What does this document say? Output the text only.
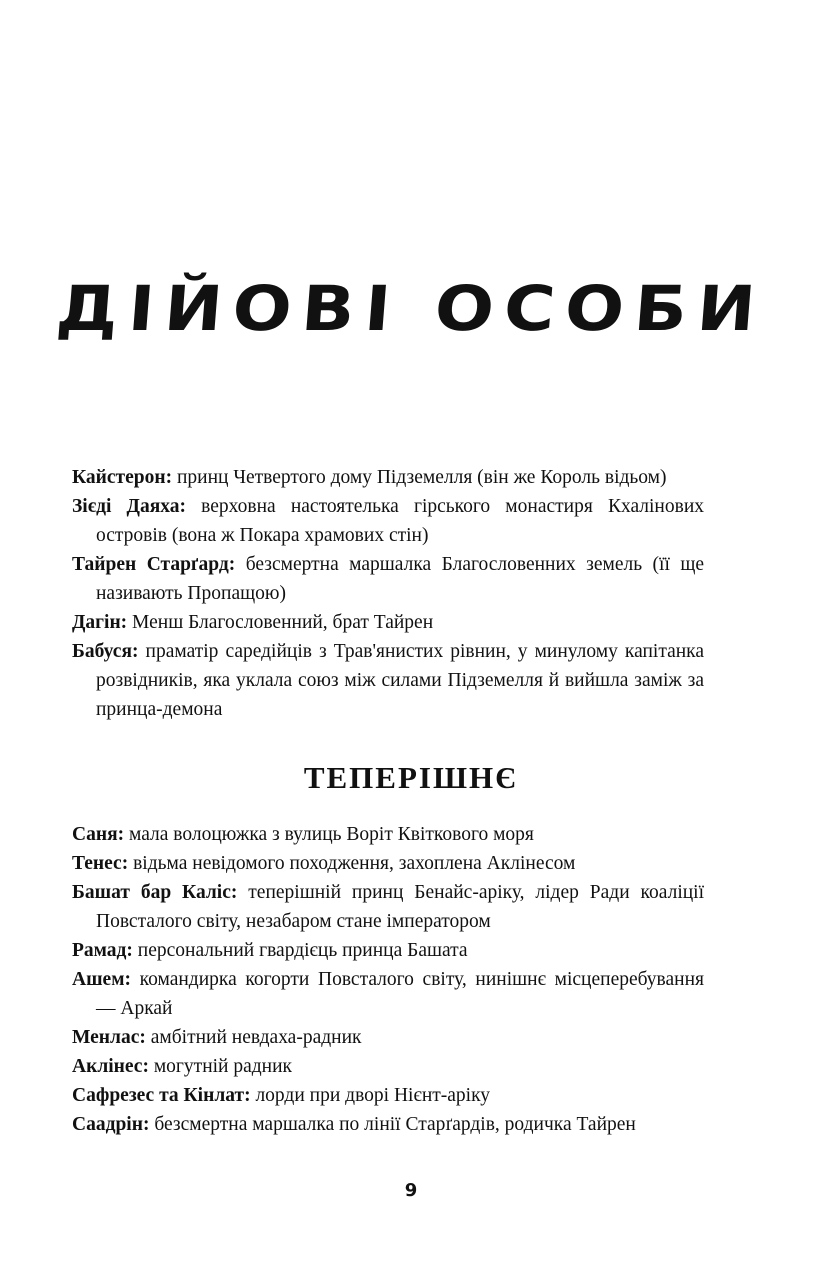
ДІЙОВІ ОСОБИ
Кайстерон: принц Четвертого дому Підземелля (він же Король відьом)
Зієді Даяха: верховна настоятелька гірського монастиря Кхалінових островів (вона ж Покара храмових стін)
Тайрен Старґард: безсмертна маршалка Благословенних земель (її ще називають Пропащою)
Дагін: Менш Благословенний, брат Тайрен
Бабуся: праматір саредійців з Трав'янистих рівнин, у минулому капітанка розвідників, яка уклала союз між силами Підземелля й вийшла заміж за принца-демона
ТЕПЕРІШНЄ
Саня: мала волоцюжка з вулиць Воріт Квіткового моря
Тенес: відьма невідомого походження, захоплена Аклінесом
Башат бар Каліс: теперішній принц Бенайс-аріку, лідер Ради коаліції Повсталого світу, незабаром стане імператором
Рамад: персональний гвардієць принца Башата
Ашем: командирка когорти Повсталого світу, нинішнє місцеперебування — Аркай
Менлас: амбітний невдаха-радник
Аклінес: могутній радник
Сафрезес та Кінлат: лорди при дворі Нієнт-аріку
Саадрін: безсмертна маршалка по лінії Старґардів, родичка Тайрен
9
